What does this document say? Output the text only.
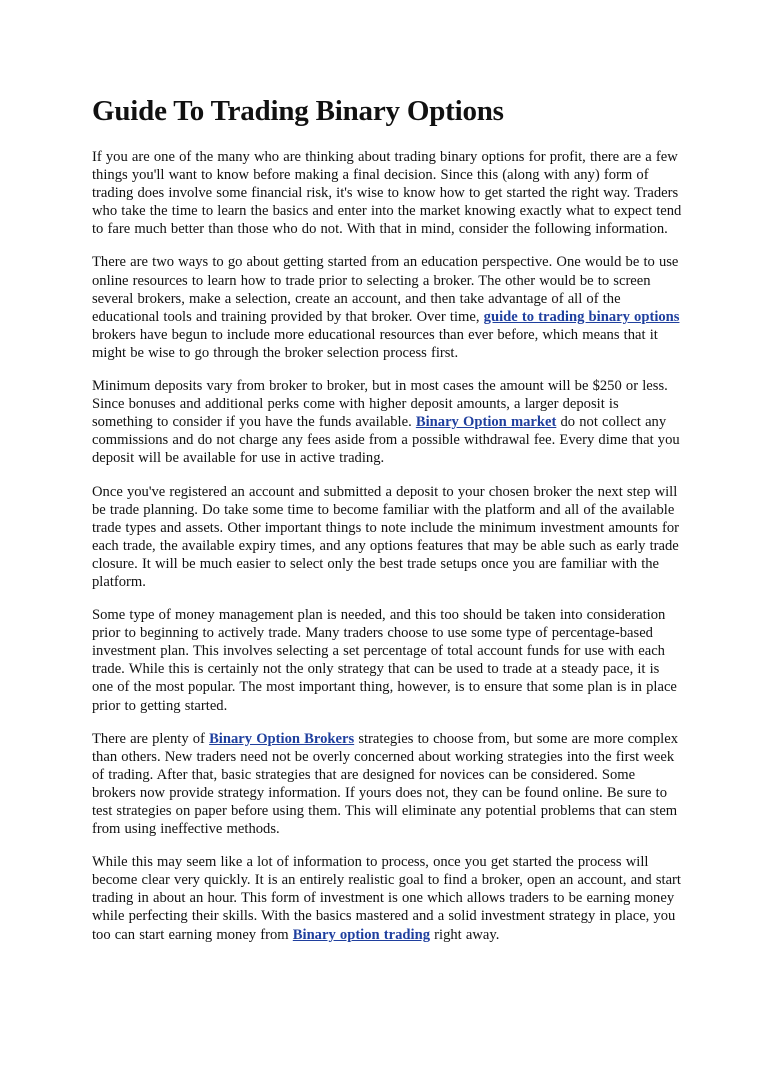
Guide To Trading Binary Options

If you are one of the many who are thinking about trading binary options for profit, there are a few things you'll want to know before making a final decision. Since this (along with any) form of trading does involve some financial risk, it's wise to know how to get started the right way. Traders who take the time to learn the basics and enter into the market knowing exactly what to expect tend to fare much better than those who do not. With that in mind, consider the following information.

There are two ways to go about getting started from an education perspective. One would be to use online resources to learn how to trade prior to selecting a broker. The other would be to screen several brokers, make a selection, create an account, and then take advantage of all of the educational tools and training provided by that broker. Over time, guide to trading binary options brokers have begun to include more educational resources than ever before, which means that it might be wise to go through the broker selection process first.

Minimum deposits vary from broker to broker, but in most cases the amount will be $250 or less. Since bonuses and additional perks come with higher deposit amounts, a larger deposit is something to consider if you have the funds available. Binary Option market do not collect any commissions and do not charge any fees aside from a possible withdrawal fee. Every dime that you deposit will be available for use in active trading.

Once you've registered an account and submitted a deposit to your chosen broker the next step will be trade planning. Do take some time to become familiar with the platform and all of the available trade types and assets. Other important things to note include the minimum investment amounts for each trade, the available expiry times, and any options features that may be able such as early trade closure. It will be much easier to select only the best trade setups once you are familiar with the platform.

Some type of money management plan is needed, and this too should be taken into consideration prior to beginning to actively trade. Many traders choose to use some type of percentage-based investment plan. This involves selecting a set percentage of total account funds for use with each trade. While this is certainly not the only strategy that can be used to trade at a steady pace, it is one of the most popular. The most important thing, however, is to ensure that some plan is in place prior to getting started.

There are plenty of Binary Option Brokers strategies to choose from, but some are more complex than others. New traders need not be overly concerned about working strategies into the first week of trading. After that, basic strategies that are designed for novices can be considered. Some brokers now provide strategy information. If yours does not, they can be found online. Be sure to test strategies on paper before using them. This will eliminate any potential problems that can stem from using ineffective methods.

While this may seem like a lot of information to process, once you get started the process will become clear very quickly. It is an entirely realistic goal to find a broker, open an account, and start trading in about an hour. This form of investment is one which allows traders to be earning money while perfecting their skills. With the basics mastered and a solid investment strategy in place, you too can start earning money from Binary option trading right away.
